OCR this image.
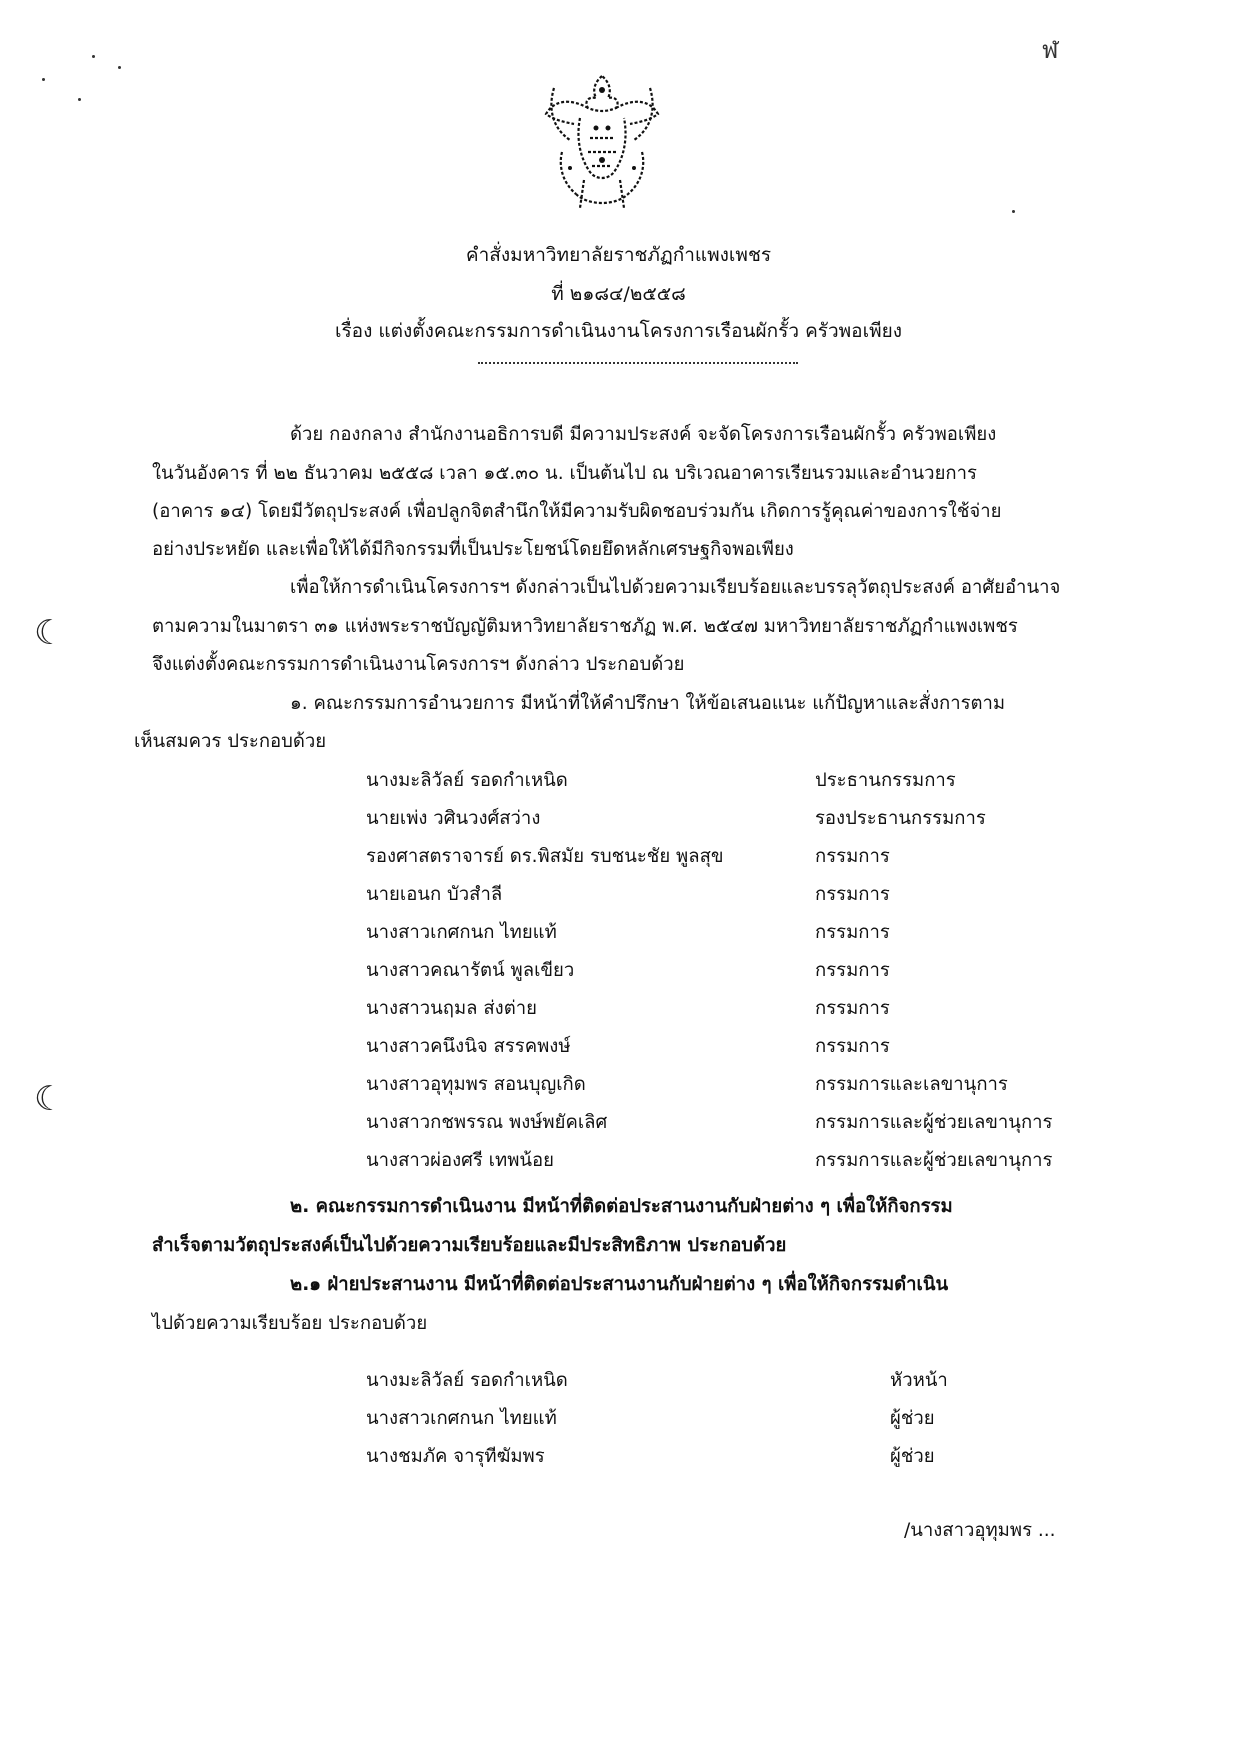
ฬ
☾
☾
คำสั่งมหาวิทยาลัยราชภัฏกำแพงเพชร
ที่ ๒๑๘๔/๒๕๕๘
เรื่อง แต่งตั้งคณะกรรมการดำเนินงานโครงการเรือนผักรั้ว ครัวพอเพียง
ด้วย กองกลาง สำนักงานอธิการบดี มีความประสงค์ จะจัดโครงการเรือนผักรั้ว ครัวพอเพียง
ในวันอังคาร ที่ ๒๒ ธันวาคม ๒๕๕๘ เวลา ๑๕.๓๐ น. เป็นต้นไป ณ บริเวณอาคารเรียนรวมและอำนวยการ
(อาคาร ๑๔) โดยมีวัตถุประสงค์ เพื่อปลูกจิตสำนึกให้มีความรับผิดชอบร่วมกัน เกิดการรู้คุณค่าของการใช้จ่าย
อย่างประหยัด และเพื่อให้ได้มีกิจกรรมที่เป็นประโยชน์โดยยึดหลักเศรษฐกิจพอเพียง
เพื่อให้การดำเนินโครงการฯ ดังกล่าวเป็นไปด้วยความเรียบร้อยและบรรลุวัตถุประสงค์ อาศัยอำนาจ
ตามความในมาตรา ๓๑ แห่งพระราชบัญญัติมหาวิทยาลัยราชภัฏ พ.ศ. ๒๕๔๗ มหาวิทยาลัยราชภัฏกำแพงเพชร
จึงแต่งตั้งคณะกรรมการดำเนินงานโครงการฯ ดังกล่าว ประกอบด้วย
๑. คณะกรรมการอำนวยการ มีหน้าที่ให้คำปรึกษา ให้ข้อเสนอแนะ แก้ปัญหาและสั่งการตาม
เห็นสมควร ประกอบด้วย
นางมะลิวัลย์ รอดกำเหนิด	ประธานกรรมการ
นายเพ่ง วศินวงศ์สว่าง	รองประธานกรรมการ
รองศาสตราจารย์ ดร.พิสมัย รบชนะชัย พูลสุข	กรรมการ
นายเอนก บัวสำลี	กรรมการ
นางสาวเกศกนก ไทยแท้	กรรมการ
นางสาวคณารัตน์ พูลเขียว	กรรมการ
นางสาวนฤมล ส่งต่าย	กรรมการ
นางสาวคนึงนิจ สรรคพงษ์	กรรมการ
นางสาวอุทุมพร สอนบุญเกิด	กรรมการและเลขานุการ
นางสาวกชพรรณ พงษ์พยัคเลิศ	กรรมการและผู้ช่วยเลขานุการ
นางสาวผ่องศรี เทพน้อย	กรรมการและผู้ช่วยเลขานุการ
๒. คณะกรรมการดำเนินงาน มีหน้าที่ติดต่อประสานงานกับฝ่ายต่าง ๆ เพื่อให้กิจกรรม
สำเร็จตามวัตถุประสงค์เป็นไปด้วยความเรียบร้อยและมีประสิทธิภาพ ประกอบด้วย
๒.๑ ฝ่ายประสานงาน มีหน้าที่ติดต่อประสานงานกับฝ่ายต่าง ๆ เพื่อให้กิจกรรมดำเนิน
ไปด้วยความเรียบร้อย ประกอบด้วย
นางมะลิวัลย์ รอดกำเหนิด	หัวหน้า
นางสาวเกศกนก ไทยแท้	ผู้ช่วย
นางชมภัค จารุทีฆัมพร	ผู้ช่วย
/นางสาวอุทุมพร ...
